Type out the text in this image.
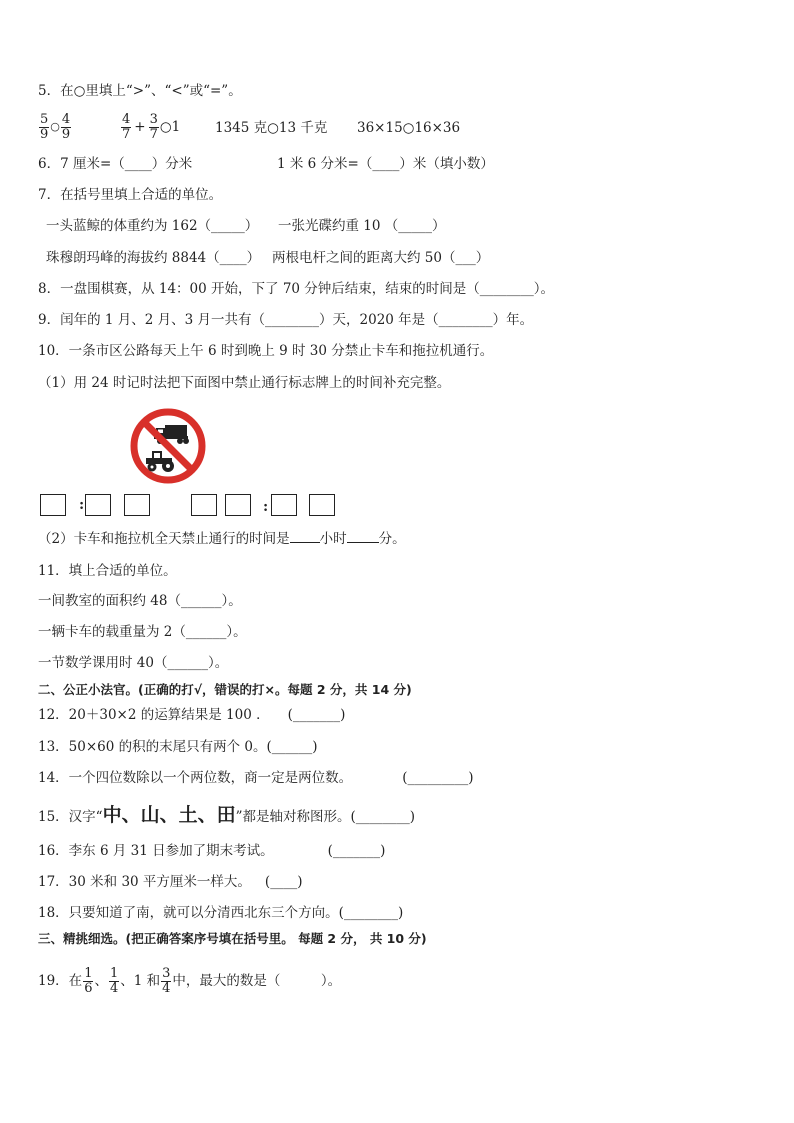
5．在○里填上“>”、“<”或“=”。
$\frac{5}{9}$ ○ $\frac{4}{9}$	$\frac{4}{7} + \frac{3}{7}$ ○1	1345 克○13 千克 36×15○16×36
6．7 厘米=（____）分米	1 米 6 分米=（____）米（填小数）
7．在括号里填上合适的单位。
一头蓝鲸的体重约为 162（_____） 一张光碟约重 10 （_____）
珠穆朗玛峰的海拔约 8844（____） 两根电杆之间的距离大约 50（___）
8．一盘围棋赛，从 14：00 开始，下了 70 分钟后结束，结束的时间是（________）。
9．闰年的 1 月、2 月、3 月一共有（________）天，2020 年是（________）年。
10．一条市区公路每天上午 6 时到晚上 9 时 30 分禁止卡车和拖拉机通行。
（1）用 24 时记时法把下面图中禁止通行标志牌上的时间补充完整。
:	:
（2）卡车和拖拉机全天禁止通行的时间是 小时 分。
11．填上合适的单位。
一间教室的面积约 48（______）。
一辆卡车的载重量为 2（______）。
一节数学课用时 40（______）。
二、公正小法官。(正确的打√，错误的打×。每题 2 分，共 14 分)
12．20＋30×2 的运算结果是 100 ． (_______)
13．50×60 的积的末尾只有两个 0。(______)
14．一个四位数除以一个两位数，商一定是两位数。	(_________)
15．汉字“中、山、土、田”都是轴对称图形。(________)
16．李东 6 月 31 日参加了期末考试。	(_______)
17．30 米和 30 平方厘米一样大。 (____)
18．只要知道了南，就可以分清西北东三个方向。(________)
三、精挑细选。(把正确答案序号填在括号里。 每题 2 分， 共 10 分)
19．在 $\frac{1}{6}$ 、 $\frac{1}{4}$ 、1 和 $\frac{3}{4}$ 中，最大的数是（　　　）。
